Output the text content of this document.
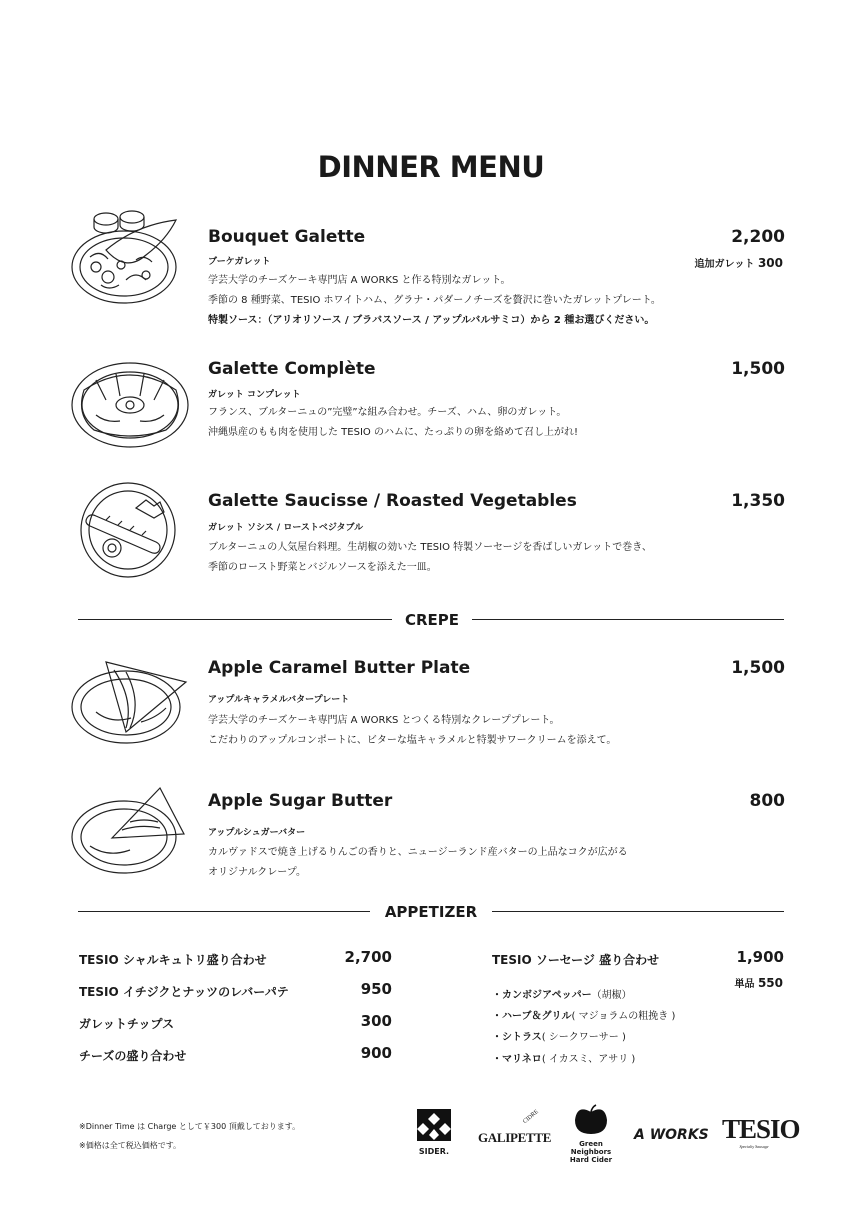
DINNER MENU
Bouquet Galette	2,200
ブーケガレット	追加ガレット 300
学芸大学のチーズケーキ専門店 A WORKS と作る特別なガレット。
季節の 8 種野菜、TESIO ホワイトハム、グラナ・パダーノチーズを贅沢に巻いたガレットプレート。
特製ソース：（アリオリソース / ブラバスソース / アップルバルサミコ）から 2 種お選びください。
Galette Complète	1,500
ガレット コンプレット
フランス、ブルターニュの”完璧”な組み合わせ。チーズ、ハム、卵のガレット。
沖縄県産のもも肉を使用した TESIO のハムに、たっぷりの卵を絡めて召し上がれ!
Galette Saucisse / Roasted Vegetables	1,350
ガレット ソシス / ローストベジタブル
ブルターニュの人気屋台料理。生胡椒の効いた TESIO 特製ソーセージを香ばしいガレットで巻き、
季節のロースト野菜とバジルソースを添えた一皿。
CREPE
Apple Caramel Butter Plate	1,500
アップルキャラメルバタープレート
学芸大学のチーズケーキ専門店 A WORKS とつくる特別なクレーププレート。
こだわりのアップルコンポートに、ビターな塩キャラメルと特製サワークリームを添えて。
Apple Sugar Butter	800
アップルシュガーバター
カルヴァドスで焼き上げるりんごの香りと、ニュージーランド産バターの上品なコクが広がる
オリジナルクレープ。
APPETIZER
TESIO シャルキュトリ盛り合わせ	2,700
TESIO イチジクとナッツのレバーパテ	950
ガレットチップス	300
チーズの盛り合わせ	900
TESIO ソーセージ 盛り合わせ	1,900
単品 550
・カンボジアペッパー（胡椒）
・ハーブ＆グリル( マジョラムの粗挽き )
・シトラス( シークワーサー )
・マリネロ( イカスミ、アサリ )
※Dinner Time は Charge として￥300 頂戴しております。
※価格は全て税込価格です。
SIDER.
CIDRE
GALIPETTE	Green Neighbors
Hard Cider
A WORKS TESIO
Specialty Sausage
